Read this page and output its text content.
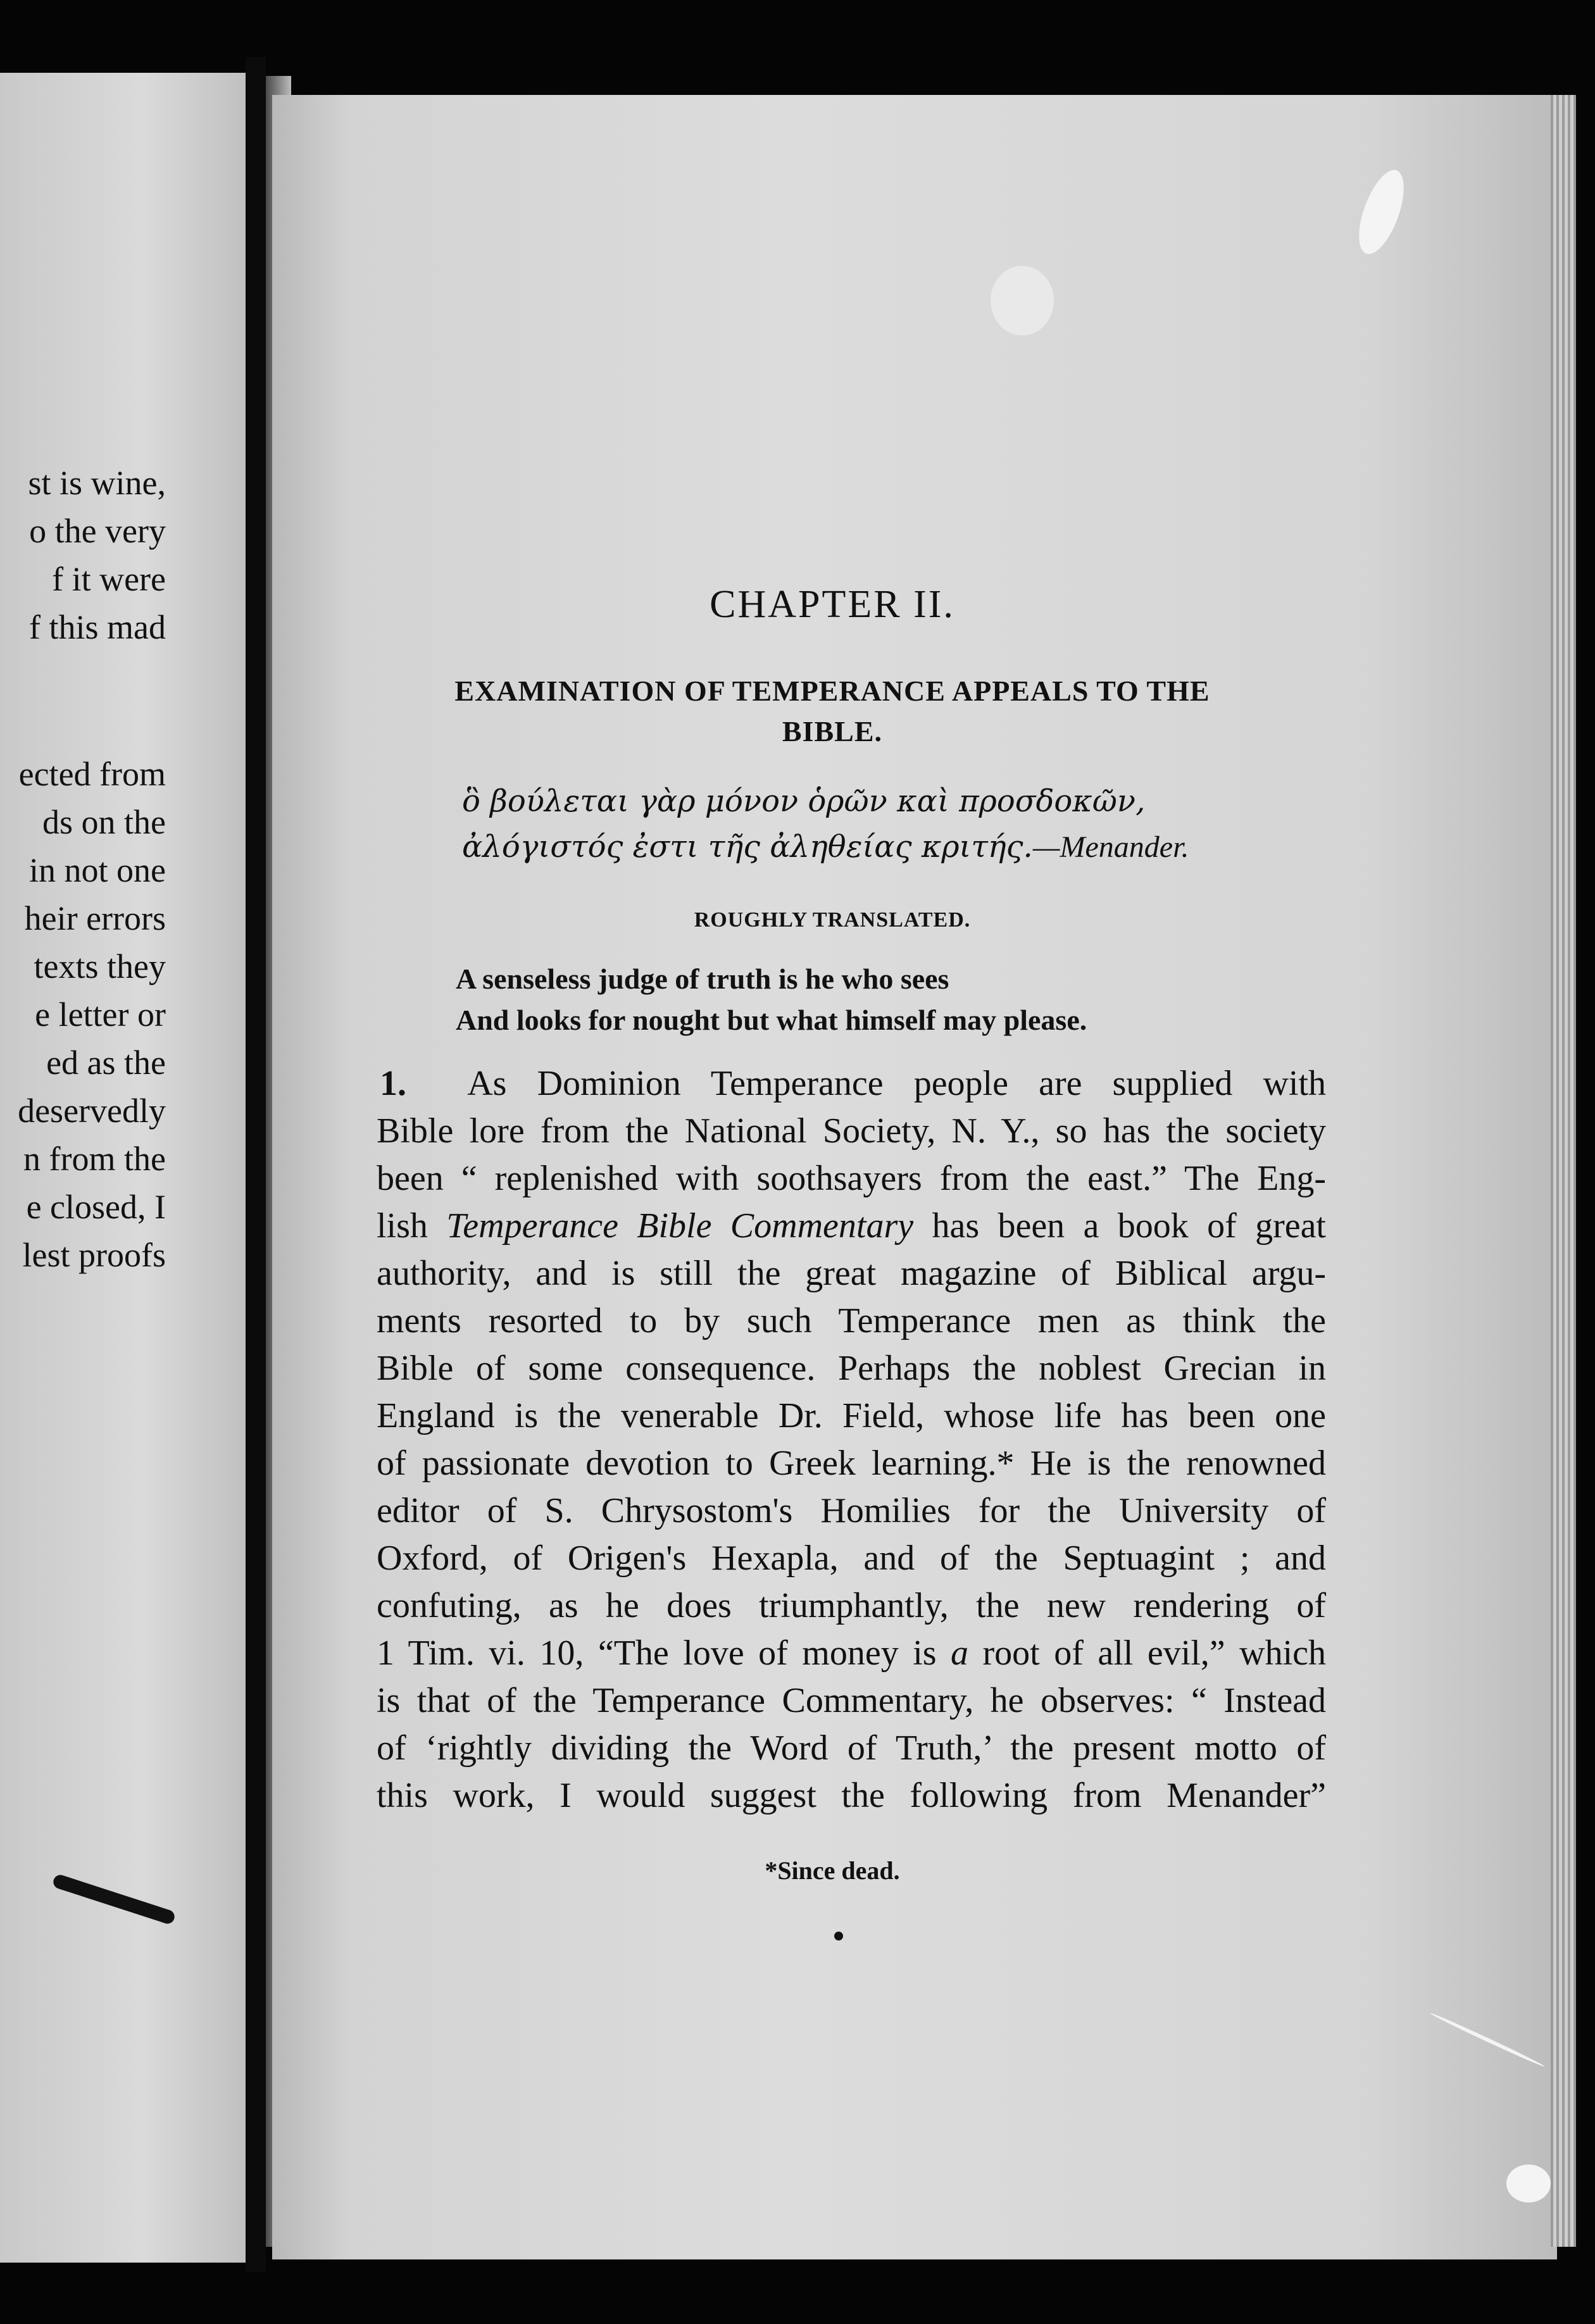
st is wine,
o the very
f it were
f this mad
ected from
ds on the
in not one
heir errors
texts they
e letter or
ed as the
deservedly
n from the
e closed, I
lest proofs
CHAPTER II.
EXAMINATION OF TEMPERANCE APPEALS TO THE
BIBLE.
ὃ βούλεται γὰρ μόνον ὁρῶν καὶ προσδοκῶν,
ἀλόγιστός ἐστι τῆς ἀληθείας κριτής.—Menander.
ROUGHLY TRANSLATED.
A senseless judge of truth is he who sees
And looks for nought but what himself may please.
1. As Dominion Temperance people are supplied with
Bible lore from the National Society, N. Y., so has the society
been “ replenished with soothsayers from the east.” The Eng-
lish Temperance Bible Commentary has been a book of great
authority, and is still the great magazine of Biblical argu-
ments resorted to by such Temperance men as think the
Bible of some consequence. Perhaps the noblest Grecian in
England is the venerable Dr. Field, whose life has been one
of passionate devotion to Greek learning.* He is the renowned
editor of S. Chrysostom's Homilies for the University of
Oxford, of Origen's Hexapla, and of the Septuagint ; and
confuting, as he does triumphantly, the new rendering of
1 Tim. vi. 10, “The love of money is a root of all evil,” which
is that of the Temperance Commentary, he observes: “ Instead
of ‘rightly dividing the Word of Truth,’ the present motto of
this work, I would suggest the following from Menander”
*Since dead.
